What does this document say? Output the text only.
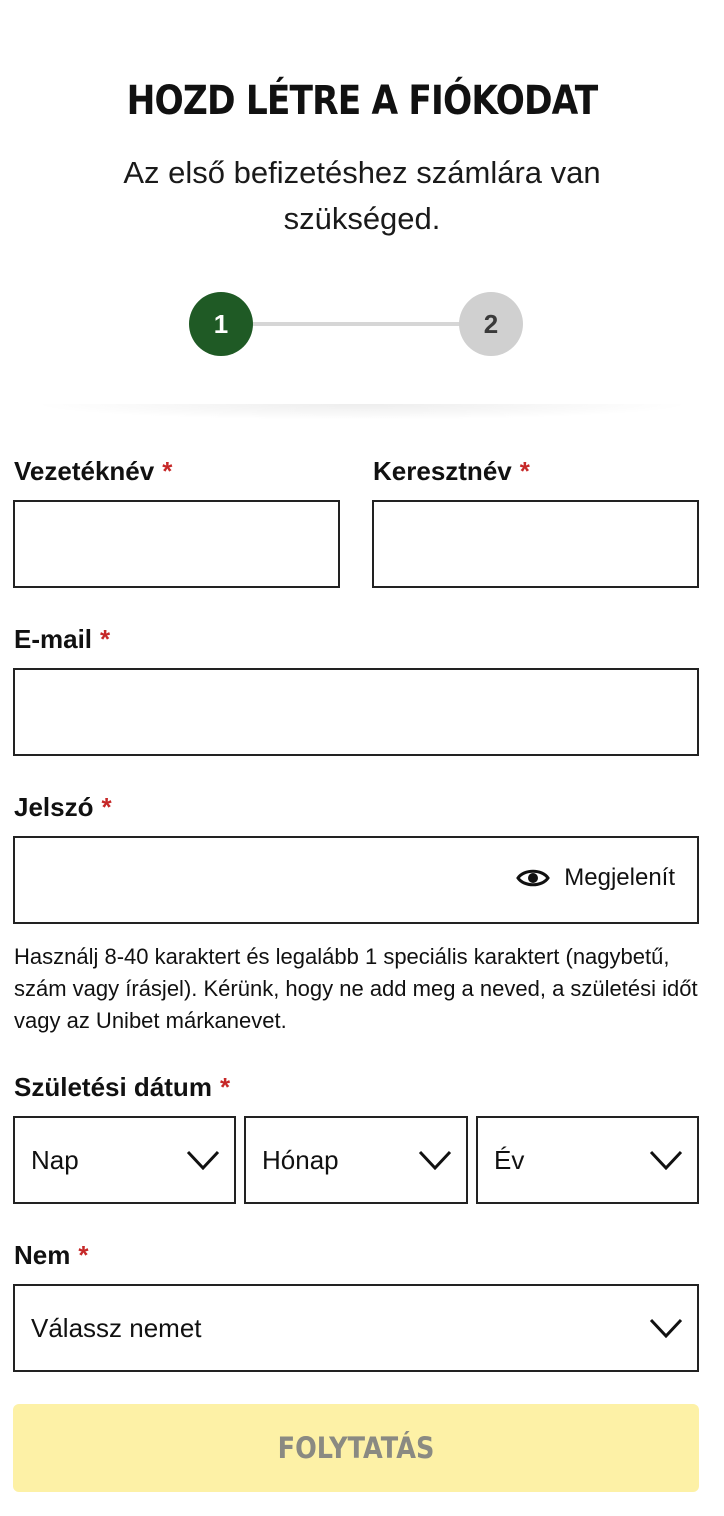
HOZD LÉTRE A FIÓKODAT
Az első befizetéshez számlára van szükséged.
1	2
Vezetéknév *	Keresztnév *
E-mail *
Jelszó *
Megjelenít
Használj 8-40 karaktert és legalább 1 speciális karaktert (nagybetű, szám vagy írásjel). Kérünk, hogy ne add meg a neved, a születési időt vagy az Unibet márkanevet.
Születési dátum *
Nap	Hónap	Év
Nem *
Válassz nemet
FOLYTATÁS
